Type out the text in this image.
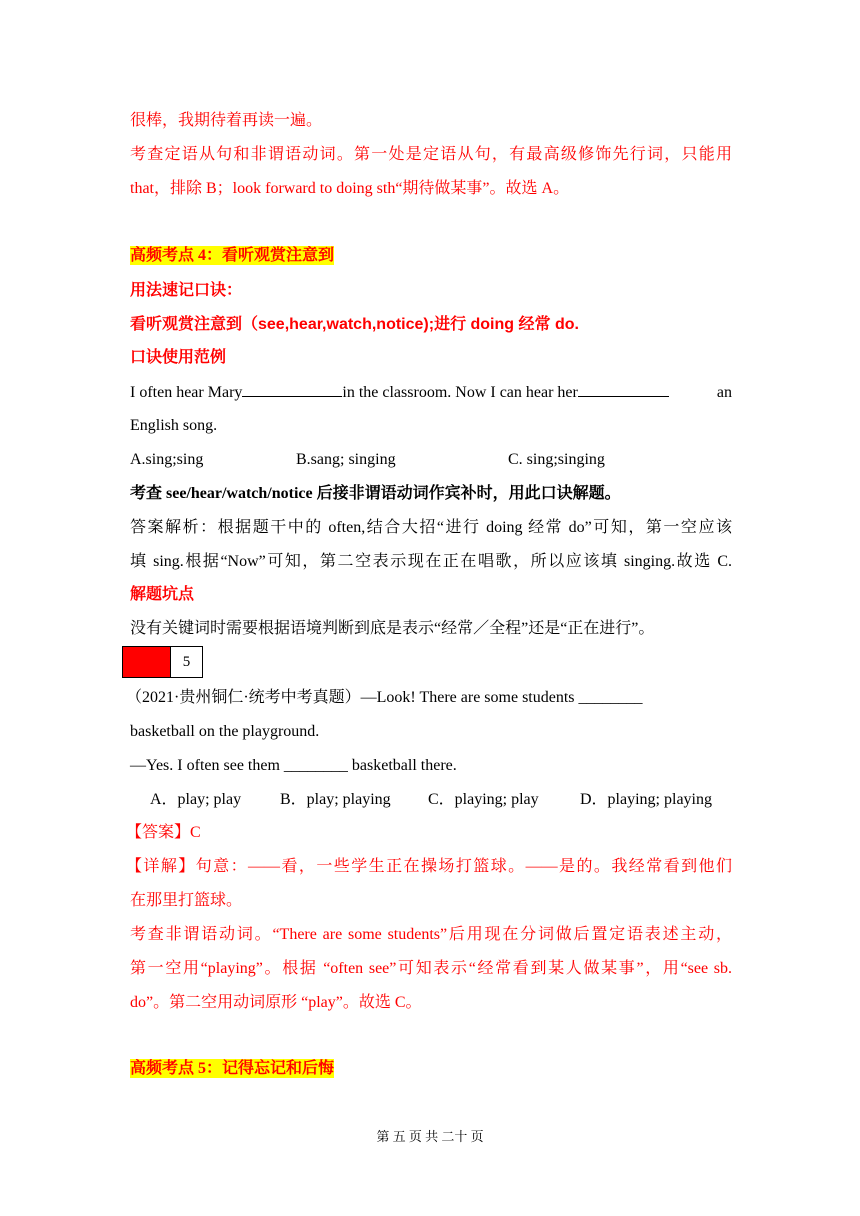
很棒，我期待着再读一遍。
考查定语从句和非谓语动词。第一处是定语从句，有最高级修饰先行词，只能用
that，排除 B；look forward to doing sth“期待做某事”。故选 A。
高频考点 4：看听观赏注意到
用法速记口诀：
看听观赏注意到（see,hear,watch,notice);进行 doing 经常 do.
口诀使用范例
I often hear Mary	in the classroom. Now I can hear her	an
English song.
A.sing;sing	B.sang; singing	C. sing;singing
考查 see/hear/watch/notice 后接非谓语动词作宾补时，用此口诀解题。
答案解析：根据题干中的 often,结合大招“进行 doing 经常 do”可知，第一空应该
填 sing.根据“Now”可知，第二空表示现在正在唱歌，所以应该填 singing.故选 C.
解题坑点
没有关键词时需要根据语境判断到底是表示“经常／全程”还是“正在进行”。
5
（2021·贵州铜仁·统考中考真题）—Look! There are some students ________
basketball on the playground.
—Yes. I often see them ________ basketball there.
A．play; play B．play; playing C．playing; play	D．playing; playing
【答案】C
【详解】句意：——看，一些学生正在操场打篮球。——是的。我经常看到他们
在那里打篮球。
考查非谓语动词。“There are some students”后用现在分词做后置定语表述主动，
第一空用“playing”。根据 “often see”可知表示“经常看到某人做某事”，用“see sb.
do”。第二空用动词原形 “play”。故选 C。
高频考点 5：记得忘记和后悔
第 五 页 共 二十 页
